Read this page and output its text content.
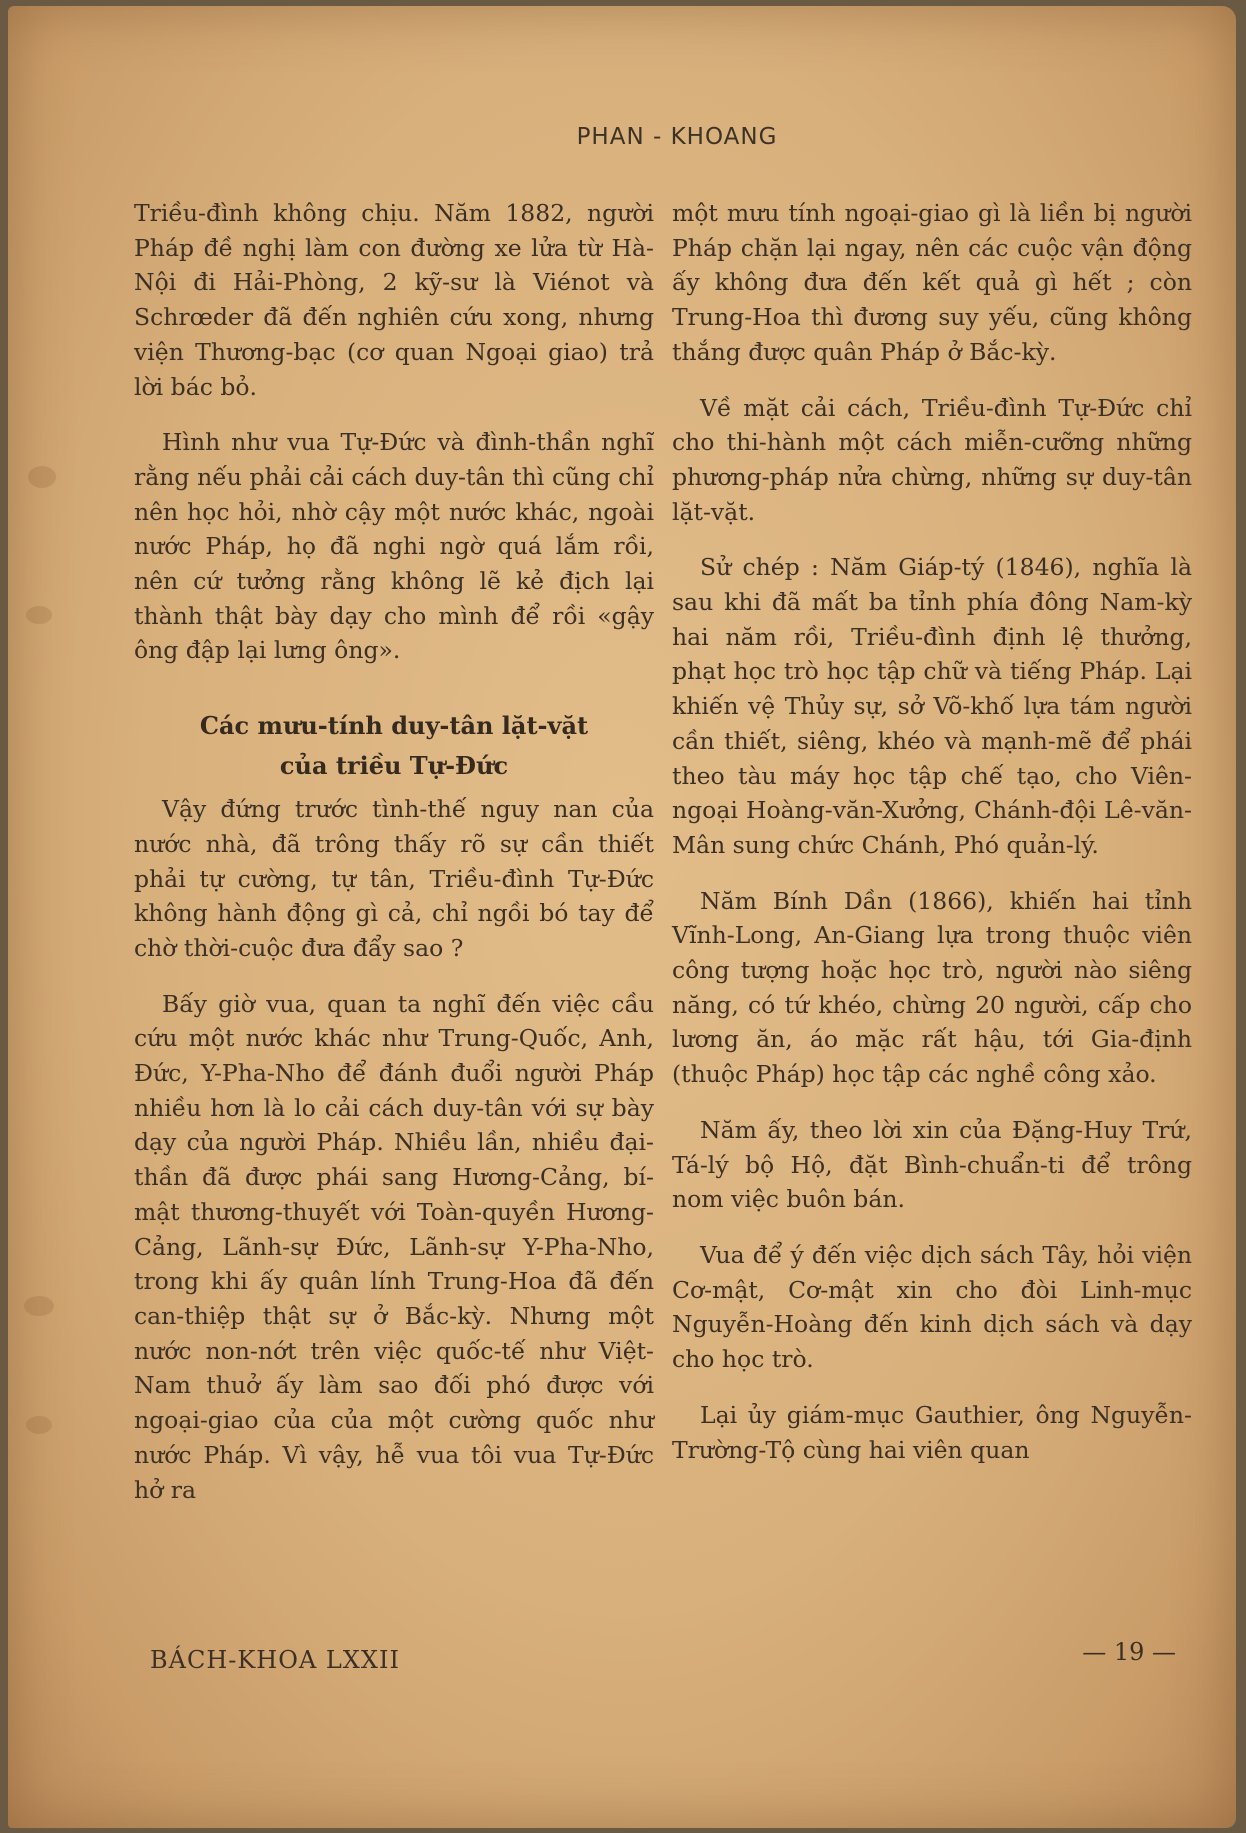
PHAN - KHOANG

Triều-đình không chịu. Năm 1882, người Pháp đề nghị làm con đường xe lửa từ Hà-Nội đi Hải-Phòng, 2 kỹ-sư là Viénot và Schrœder đã đến nghiên cứu xong, nhưng viện Thương-bạc (cơ quan Ngoại giao) trả lời bác bỏ.

Hình như vua Tự-Đức và đình-thần nghĩ rằng nếu phải cải cách duy-tân thì cũng chỉ nên học hỏi, nhờ cậy một nước khác, ngoài nước Pháp, họ đã nghi ngờ quá lắm rồi, nên cứ tưởng rằng không lẽ kẻ địch lại thành thật bày dạy cho mình để rồi «gậy ông đập lại lưng ông».

Các mưu-tính duy-tân lặt-vặt
của triều Tự-Đức

Vậy đứng trước tình-thế nguy nan của nước nhà, đã trông thấy rõ sự cần thiết phải tự cường, tự tân, Triều-đình Tự-Đức không hành động gì cả, chỉ ngồi bó tay để chờ thời-cuộc đưa đẩy sao ?

Bấy giờ vua, quan ta nghĩ đến việc cầu cứu một nước khác như Trung-Quốc, Anh, Đức, Y-Pha-Nho để đánh đuổi người Pháp nhiều hơn là lo cải cách duy-tân với sự bày dạy của người Pháp. Nhiều lần, nhiều đại-thần đã được phái sang Hương-Cảng, bí-mật thương-thuyết với Toàn-quyền Hương-Cảng, Lãnh-sự Đức, Lãnh-sự Y-Pha-Nho, trong khi ấy quân lính Trung-Hoa đã đến can-thiệp thật sự ở Bắc-kỳ. Nhưng một nước non-nớt trên việc quốc-tế như Việt-Nam thuở ấy làm sao đối phó được với ngoại-giao của của một cường quốc như nước Pháp. Vì vậy, hễ vua tôi vua Tự-Đức hở ra

một mưu tính ngoại-giao gì là liền bị người Pháp chặn lại ngay, nên các cuộc vận động ấy không đưa đến kết quả gì hết ; còn Trung-Hoa thì đương suy yếu, cũng không thắng được quân Pháp ở Bắc-kỳ.

Về mặt cải cách, Triều-đình Tự-Đức chỉ cho thi-hành một cách miễn-cưỡng những phương-pháp nửa chừng, những sự duy-tân lặt-vặt.

Sử chép : Năm Giáp-tý (1846), nghĩa là sau khi đã mất ba tỉnh phía đông Nam-kỳ hai năm rồi, Triều-đình định lệ thưởng, phạt học trò học tập chữ và tiếng Pháp. Lại khiến vệ Thủy sự, sở Võ-khố lựa tám người cần thiết, siêng, khéo và mạnh-mẽ để phái theo tàu máy học tập chế tạo, cho Viên-ngoại Hoàng-văn-Xưởng, Chánh-đội Lê-văn-Mân sung chức Chánh, Phó quản-lý.

Năm Bính Dần (1866), khiến hai tỉnh Vĩnh-Long, An-Giang lựa trong thuộc viên công tượng hoặc học trò, người nào siêng năng, có tứ khéo, chừng 20 người, cấp cho lương ăn, áo mặc rất hậu, tới Gia-định (thuộc Pháp) học tập các nghề công xảo.

Năm ấy, theo lời xin của Đặng-Huy Trứ, Tá-lý bộ Hộ, đặt Bình-chuẩn-ti để trông nom việc buôn bán.

Vua để ý đến việc dịch sách Tây, hỏi viện Cơ-mật, Cơ-mật xin cho đòi Linh-mục Nguyễn-Hoàng đến kinh dịch sách và dạy cho học trò.

Lại ủy giám-mục Gauthier, ông Nguyễn-Trường-Tộ cùng hai viên quan

BÁCH-KHOA LXXII	— 19 —
